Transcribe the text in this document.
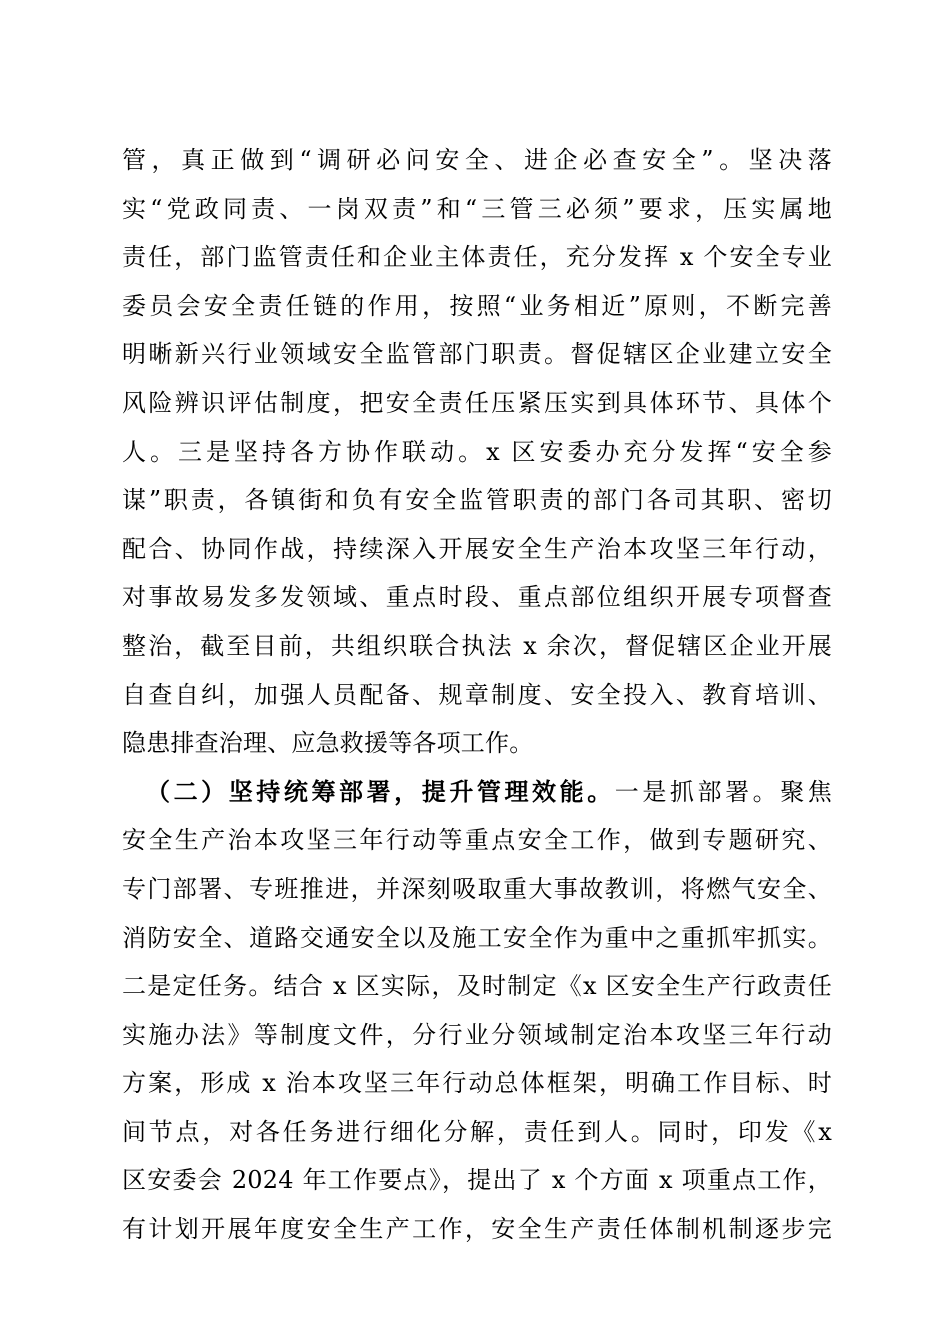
管，真正做到“调研必问安全、进企必查安全”。坚决落
实“党政同责、一岗双责”和“三管三必须”要求，压实属地
责任，部门监管责任和企业主体责任，充分发挥 x 个安全专业
委员会安全责任链的作用，按照“业务相近”原则，不断完善
明晰新兴行业领域安全监管部门职责。督促辖区企业建立安全
风险辨识评估制度，把安全责任压紧压实到具体环节、具体个
人。三是坚持各方协作联动。x 区安委办充分发挥“安全参
谋”职责，各镇街和负有安全监管职责的部门各司其职、密切
配合、协同作战，持续深入开展安全生产治本攻坚三年行动，
对事故易发多发领域、重点时段、重点部位组织开展专项督查
整治，截至目前，共组织联合执法 x 余次，督促辖区企业开展
自查自纠，加强人员配备、规章制度、安全投入、教育培训、
隐患排查治理、应急救援等各项工作。
（二）坚持统筹部署，提升管理效能。一是抓部署。聚焦
安全生产治本攻坚三年行动等重点安全工作，做到专题研究、
专门部署、专班推进，并深刻吸取重大事故教训，将燃气安全、
消防安全、道路交通安全以及施工安全作为重中之重抓牢抓实。
二是定任务。结合 x 区实际，及时制定《x 区安全生产行政责任
实施办法》等制度文件，分行业分领域制定治本攻坚三年行动
方案，形成 x 治本攻坚三年行动总体框架，明确工作目标、时
间节点，对各任务进行细化分解，责任到人。同时，印发《x
区安委会 2024 年工作要点》，提出了 x 个方面 x 项重点工作，
有计划开展年度安全生产工作，安全生产责任体制机制逐步完
